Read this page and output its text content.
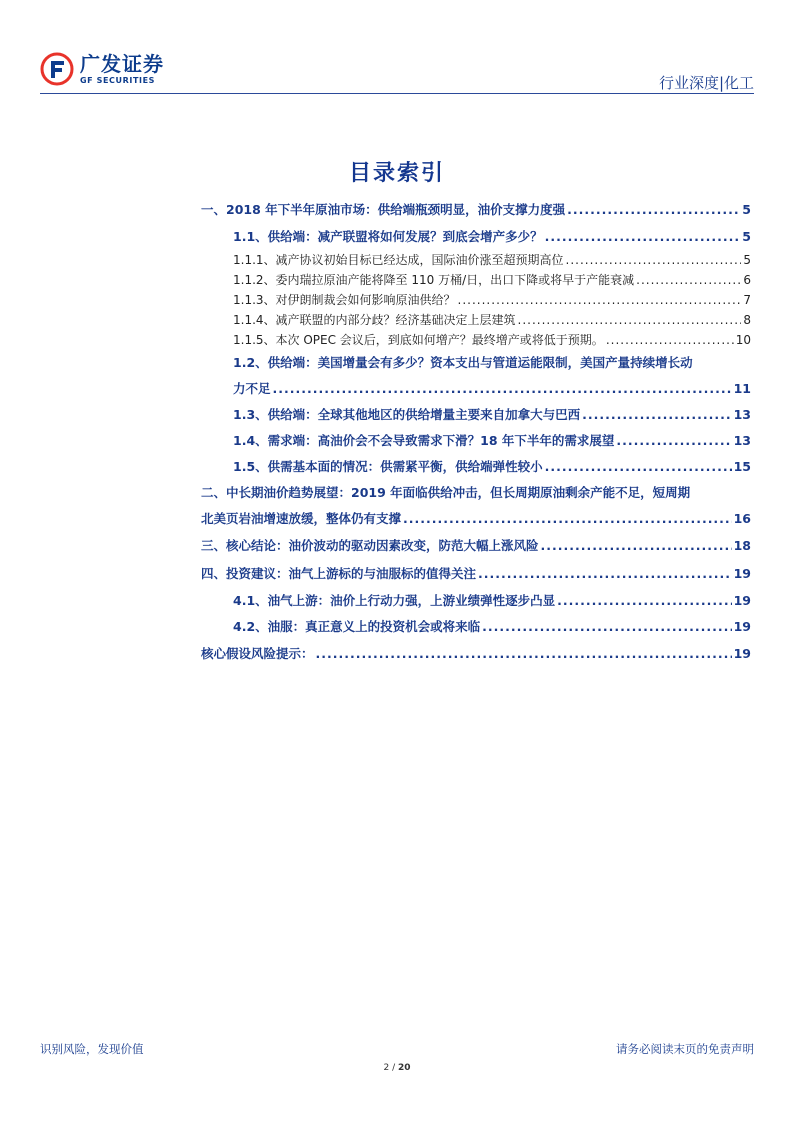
广发证券
GF SECURITIES	行业深度|化工
目录索引
一、2018 年下半年原油市场：供给端瓶颈明显，油价支撑力度强 .....	5
1.1、供给端：减产联盟将如何发展？到底会增产多少？ .....	5
1.1.1、减产协议初始目标已经达成，国际油价涨至超预期高位 .....	5
1.1.2、委内瑞拉原油产能将降至 110 万桶/日，出口下降或将早于产能衰减 .....	6
1.1.3、对伊朗制裁会如何影响原油供给？ .....	7
1.1.4、减产联盟的内部分歧？经济基础决定上层建筑 .....	8
1.1.5、本次 OPEC 会议后，到底如何增产？最终增产或将低于预期。 .....	10
1.2、供给端：美国增量会有多少？资本支出与管道运能限制，美国产量持续增长动
力不足 .....	11
1.3、供给端：全球其他地区的供给增量主要来自加拿大与巴西 .....	13
1.4、需求端：高油价会不会导致需求下滑？18 年下半年的需求展望 .....	13
1.5、供需基本面的情况：供需紧平衡，供给端弹性较小 .....	15
二、中长期油价趋势展望：2019 年面临供给冲击，但长周期原油剩余产能不足，短周期
北美页岩油增速放缓，整体仍有支撑 .....	16
三、核心结论：油价波动的驱动因素改变，防范大幅上涨风险 .....	18
四、投资建议：油气上游标的与油服标的值得关注 .....	19
4.1、油气上游：油价上行动力强，上游业绩弹性逐步凸显 .....	19
4.2、油服：真正意义上的投资机会或将来临 .....	19
核心假设风险提示： .....	19
识别风险，发现价值	请务必阅读末页的免责声明
2 / 20
